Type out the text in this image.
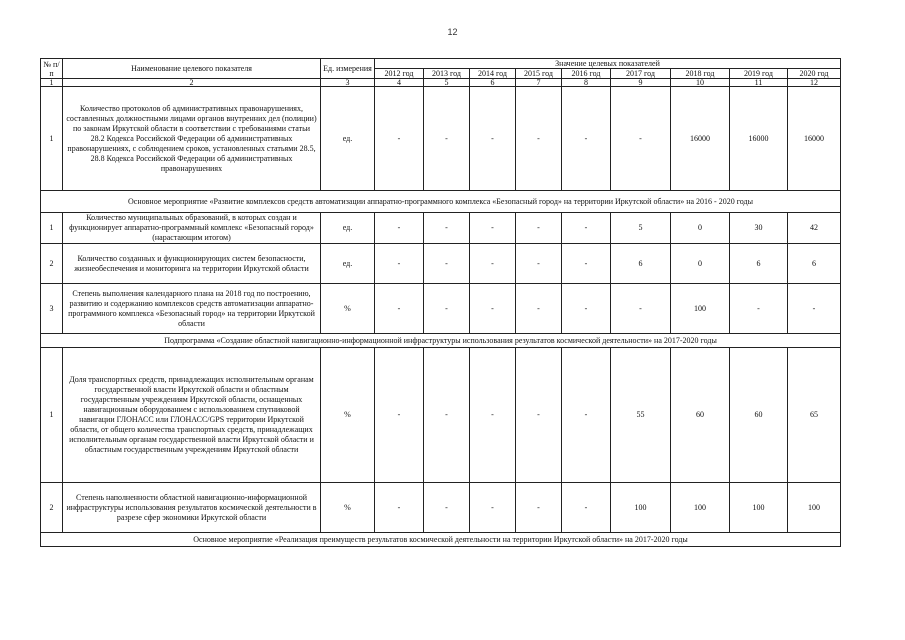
12
№ п/п	Наименование целевого показателя	Ед. измерения	Значение целевых показателей								
			2012 год	2013 год	2014 год	2015 год	2016 год	2017 год	2018 год	2019 год	2020 год
1	2	3	4	5	6	7	8	9	10	11	12
1	Количество протоколов об административных правонарушениях, составленных должностными лицами органов внутренних дел (полиции) по законам Иркутской области в соответствии с требованиями статьи 28.2 Кодекса Российской Федерации об административных правонарушениях, с соблюдением сроков, установленных статьями 28.5, 28.8 Кодекса Российской Федерации об административных правонарушениях	ед.	-	-	-	-	-	-	16000	16000	16000
Основное мероприятие «Развитие комплексов средств автоматизации аппаратно-программного комплекса «Безопасный город» на территории Иркутской области» на 2016 - 2020 годы											
1	Количество муниципальных образований, в которых создан и функционирует аппаратно-программный комплекс «Безопасный город» (нарастающим итогом)	ед.	-	-	-	-	-	5	0	30	42
2	Количество созданных и функционирующих систем безопасности, жизнеобеспечения и мониторинга на территории Иркутской области	ед.	-	-	-	-	-	6	0	6	6
3	Степень выполнения календарного плана на 2018 год по построению, развитию и содержанию комплексов средств автоматизации аппаратно-программного комплекса «Безопасный город» на территории Иркутской области	%	-	-	-	-	-	-	100	-	-
Подпрограмма «Создание областной навигационно-информационной инфраструктуры использования результатов космической деятельности» на 2017-2020 годы											
1	Доля транспортных средств, принадлежащих исполнительным органам государственной власти Иркутской области и областным государственным учреждениям Иркутской области, оснащенных навигационным оборудованием с использованием спутниковой навигации ГЛОНАСС или ГЛОНАСС/GPS территории Иркутской области, от общего количества транспортных средств, принадлежащих исполнительным органам государственной власти Иркутской области и областным государственным учреждениям Иркутской области	%	-	-	-	-	-	55	60	60	65
2	Степень наполненности областной навигационно-информационной инфраструктуры использования результатов космической деятельности в разрезе сфер экономики Иркутской области	%	-	-	-	-	-	100	100	100	100
Основное мероприятие «Реализация преимуществ результатов космической деятельности на территории Иркутской области» на 2017-2020 годы											
